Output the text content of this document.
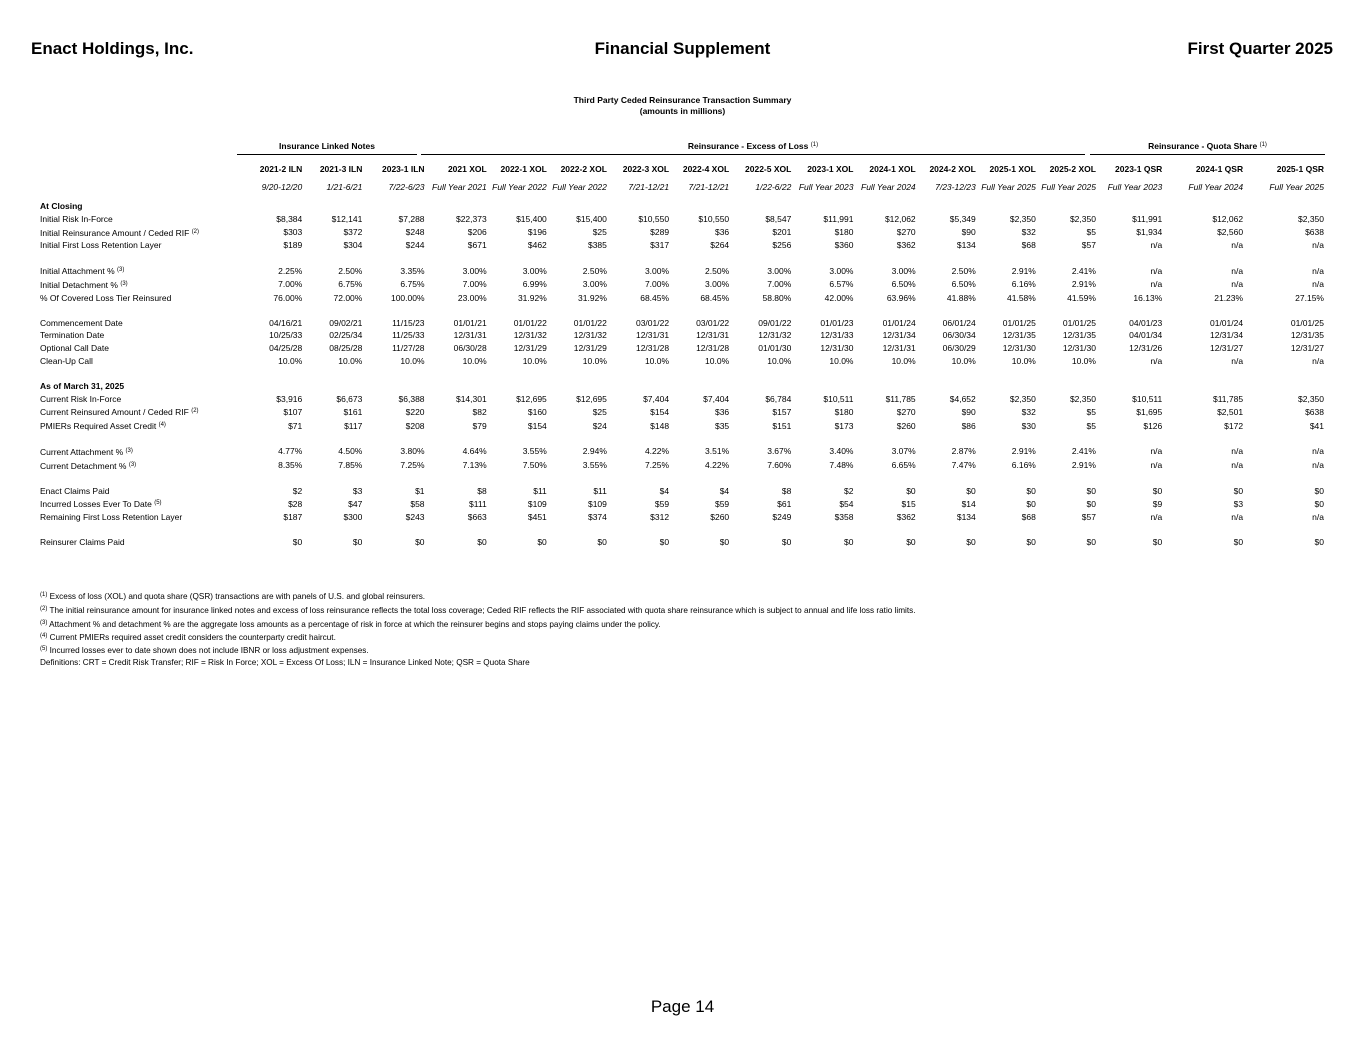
Enact Holdings, Inc.	Financial Supplement	First Quarter 2025
Third Party Ceded Reinsurance Transaction Summary
(amounts in millions)
Insurance Linked Notes	Reinsurance - Excess of Loss $^{(1)}$	Reinsurance - Quota Share $^{(1)}$
	2021-2 ILN	2021-3 ILN	2023-1 ILN	2021 XOL	2022-1 XOL	2022-2 XOL	2022-3 XOL	2022-4 XOL	2022-5 XOL	2023-1 XOL	2024-1 XOL	2024-2 XOL	2025-1 XOL	2025-2 XOL		2023-1 QSR	2024-1 QSR	2025-1 QSR
	9/20-12/20	1/21-6/21	7/22-6/23	Full Year 2021	Full Year 2022	Full Year 2022	7/21-12/21	7/21-12/21	1/22-6/22	Full Year 2023	Full Year 2024	7/23-12/23	Full Year 2025	Full Year 2025		Full Year 2023	Full Year 2024	Full Year 2025
At Closing																		
Initial Risk In-Force	$8,384	$12,141	$7,288	$22,373	$15,400	$15,400	$10,550	$10,550	$8,547	$11,991	$12,062	$5,349	$2,350	$2,350		$11,991	$12,062	$2,350
Initial Reinsurance Amount / Ceded RIF $^{(2)}$	$303	$372	$248	$206	$196	$25	$289	$36	$201	$180	$270	$90	$32	$5		$1,934	$2,560	$638
Initial First Loss Retention Layer	$189	$304	$244	$671	$462	$385	$317	$264	$256	$360	$362	$134	$68	$57		n/a	n/a	n/a

Initial Attachment % $^{(3)}$	2.25%	2.50%	3.35%	3.00%	3.00%	2.50%	3.00%	2.50%	3.00%	3.00%	3.00%	2.50%	2.91%	2.41%		n/a	n/a	n/a
Initial Detachment % $^{(3)}$	7.00%	6.75%	6.75%	7.00%	6.99%	3.00%	7.00%	3.00%	7.00%	6.57%	6.50%	6.50%	6.16%	2.91%		n/a	n/a	n/a
% Of Covered Loss Tier Reinsured	76.00%	72.00%	100.00%	23.00%	31.92%	31.92%	68.45%	68.45%	58.80%	42.00%	63.96%	41.88%	41.58%	41.59%		16.13%	21.23%	27.15%

Commencement Date	04/16/21	09/02/21	11/15/23	01/01/21	01/01/22	01/01/22	03/01/22	03/01/22	09/01/22	01/01/23	01/01/24	06/01/24	01/01/25	01/01/25		04/01/23	01/01/24	01/01/25
Termination Date	10/25/33	02/25/34	11/25/33	12/31/31	12/31/32	12/31/32	12/31/31	12/31/31	12/31/32	12/31/33	12/31/34	06/30/34	12/31/35	12/31/35		04/01/34	12/31/34	12/31/35
Optional Call Date	04/25/28	08/25/28	11/27/28	06/30/28	12/31/29	12/31/29	12/31/28	12/31/28	01/01/30	12/31/30	12/31/31	06/30/29	12/31/30	12/31/30		12/31/26	12/31/27	12/31/27
Clean-Up Call	10.0%	10.0%	10.0%	10.0%	10.0%	10.0%	10.0%	10.0%	10.0%	10.0%	10.0%	10.0%	10.0%	10.0%		n/a	n/a	n/a

As of March 31, 2025																		
Current Risk In-Force	$3,916	$6,673	$6,388	$14,301	$12,695	$12,695	$7,404	$7,404	$6,784	$10,511	$11,785	$4,652	$2,350	$2,350		$10,511	$11,785	$2,350
Current Reinsured Amount / Ceded RIF $^{(2)}$	$107	$161	$220	$82	$160	$25	$154	$36	$157	$180	$270	$90	$32	$5		$1,695	$2,501	$638
PMIERs Required Asset Credit $^{(4)}$	$71	$117	$208	$79	$154	$24	$148	$35	$151	$173	$260	$86	$30	$5		$126	$172	$41

Current Attachment % $^{(3)}$	4.77%	4.50%	3.80%	4.64%	3.55%	2.94%	4.22%	3.51%	3.67%	3.40%	3.07%	2.87%	2.91%	2.41%		n/a	n/a	n/a
Current Detachment % $^{(3)}$	8.35%	7.85%	7.25%	7.13%	7.50%	3.55%	7.25%	4.22%	7.60%	7.48%	6.65%	7.47%	6.16%	2.91%		n/a	n/a	n/a

Enact Claims Paid	$2	$3	$1	$8	$11	$11	$4	$4	$8	$2	$0	$0	$0	$0		$0	$0	$0
Incurred Losses Ever To Date $^{(5)}$	$28	$47	$58	$111	$109	$109	$59	$59	$61	$54	$15	$14	$0	$0		$9	$3	$0
Remaining First Loss Retention Layer	$187	$300	$243	$663	$451	$374	$312	$260	$249	$358	$362	$134	$68	$57		n/a	n/a	n/a

Reinsurer Claims Paid	$0	$0	$0	$0	$0	$0	$0	$0	$0	$0	$0	$0	$0	$0		$0	$0	$0
$^{(1)}$ Excess of loss (XOL) and quota share (QSR) transactions are with panels of U.S. and global reinsurers.
$^{(2)}$ The initial reinsurance amount for insurance linked notes and excess of loss reinsurance reflects the total loss coverage; Ceded RIF reflects the RIF associated with quota share reinsurance which is subject to annual and life loss ratio limits.
$^{(3)}$ Attachment % and detachment % are the aggregate loss amounts as a percentage of risk in force at which the reinsurer begins and stops paying claims under the policy.
$^{(4)}$ Current PMIERs required asset credit considers the counterparty credit haircut.
$^{(5)}$ Incurred losses ever to date shown does not include IBNR or loss adjustment expenses.
Definitions: CRT = Credit Risk Transfer; RIF = Risk In Force; XOL = Excess Of Loss; ILN = Insurance Linked Note; QSR = Quota Share
Page 14
